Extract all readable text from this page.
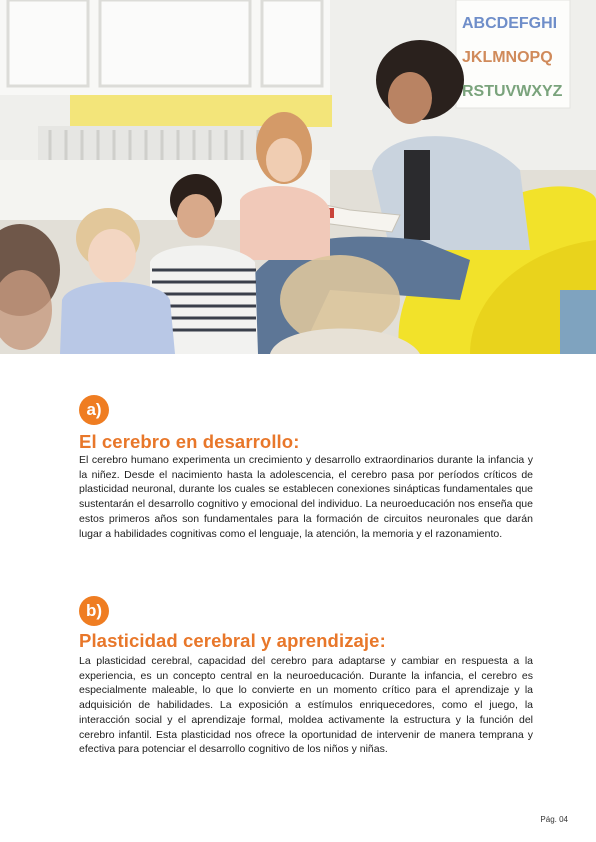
ABCDEFGHI
JKLMNOPQ
RSTUVWXYZ
a)
El cerebro en desarrollo:

El cerebro humano experimenta un crecimiento y desarrollo extraordinarios durante la infancia y la niñez. Desde el nacimiento hasta la adolescencia, el cerebro pasa por períodos críticos de plasticidad neuronal, durante los cuales se establecen conexiones sinápticas fundamentales que sustentarán el desarrollo cognitivo y emocional del individuo. La neuroeducación nos enseña que estos primeros años son fundamentales para la formación de circuitos neuronales que darán lugar a habilidades cognitivas como el lenguaje, la atención, la memoria y el razonamiento.

b)
Plasticidad cerebral y aprendizaje:

La plasticidad cerebral, capacidad del cerebro para adaptarse y cambiar en respuesta a la experiencia, es un concepto central en la neuroeducación. Durante la infancia, el cerebro es especialmente maleable, lo que lo convierte en un momento crítico para el aprendizaje y la adquisición de habilidades. La exposición a estímulos enriquecedores, como el juego, la interacción social y el aprendizaje formal, moldea activamente la estructura y la función del cerebro infantil. Esta plasticidad nos ofrece la oportunidad de intervenir de manera temprana y efectiva para potenciar el desarrollo cognitivo de los niños y niñas.

Pág. 04
